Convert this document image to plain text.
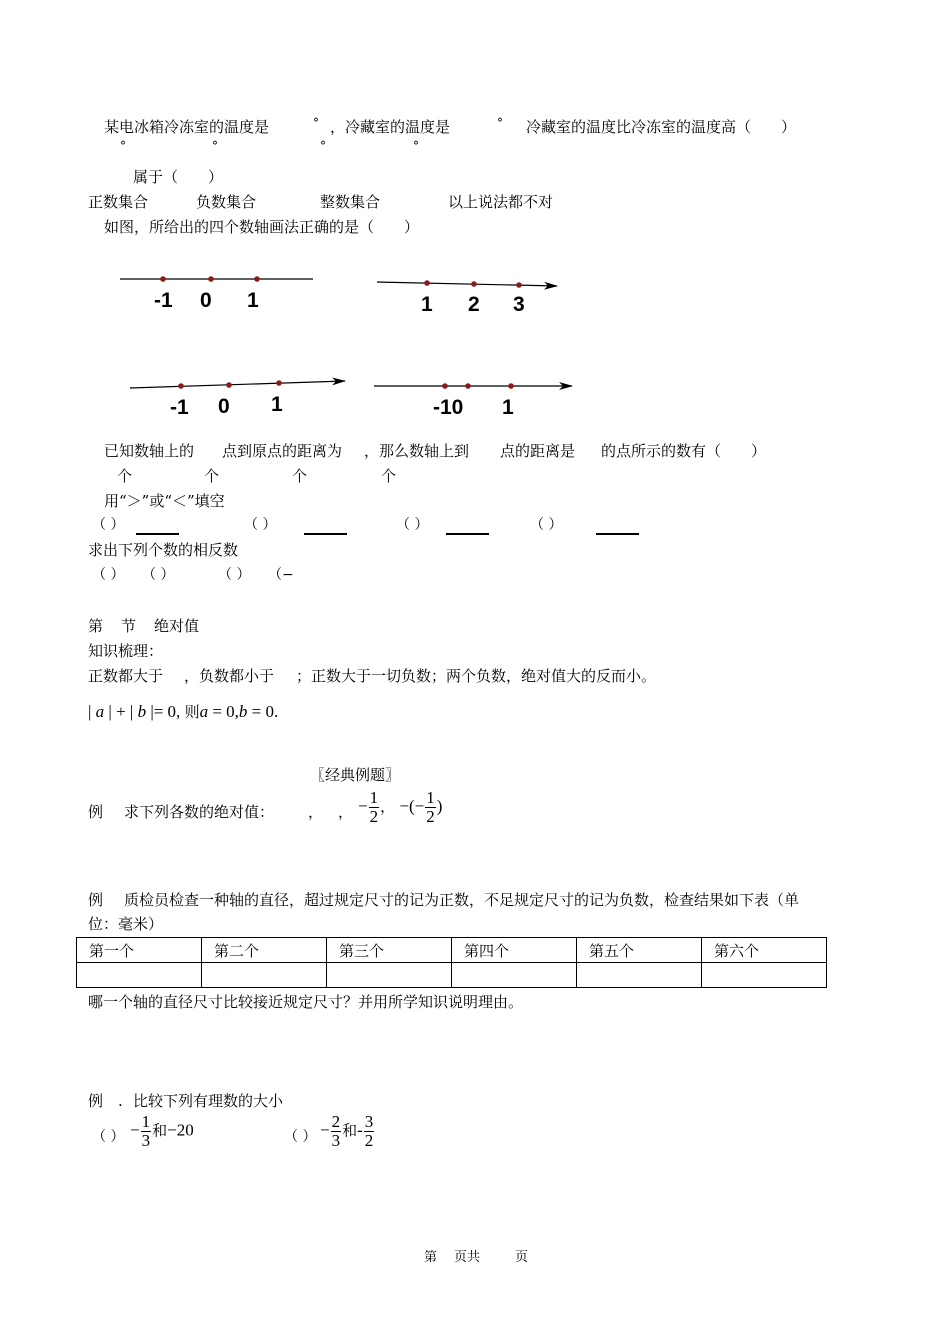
某电冰箱冷冻室的温度是	° ，冷藏室的温度是	° 冷藏室的温度比冷冻室的温度高（　　）
°	°	°	°
属于（　　）
正数集合	负数集合	整数集合	以上说法都不对
如图，所给出的四个数轴画法正确的是（　　）
-1 0 1	1 2 3
-1 0 1	-10 1
已知数轴上的 点到原点的距离为 ，那么数轴上到 点的距离是 的点所示的数有（　　）
个	个	个	个
用“＞”或“＜”填空
（ ）	（ ）	（ ）	（ ）
求出下列个数的相反数
（ ） （ ）	（ ） （−
第 节 绝对值
知识梳理：
正数都大于 ，负数都小于 ；正数大于一切负数；两个负数，绝对值大的反而小。
| a | + | b |= 0, 则a = 0,b = 0.
〖经典例题〗
例 求下列各数的绝对值： ， ， − $\frac{1}{2}$ ， −(− $\frac{1}{2}$ )
例 质检员检查一种轴的直径，超过规定尺寸的记为正数，不足规定尺寸的记为负数，检查结果如下表（单
位：毫米）
第一个	第二个	第三个	第四个	第五个	第六个

哪一个轴的直径尺寸比较接近规定尺寸？并用所学知识说明理由。
例 . 比较下列有理数的大小
（ ） − $\frac{1}{3}$ 和−20	（ ） − $\frac{2}{3}$ 和- $\frac{3}{2}$
第 页共	页
